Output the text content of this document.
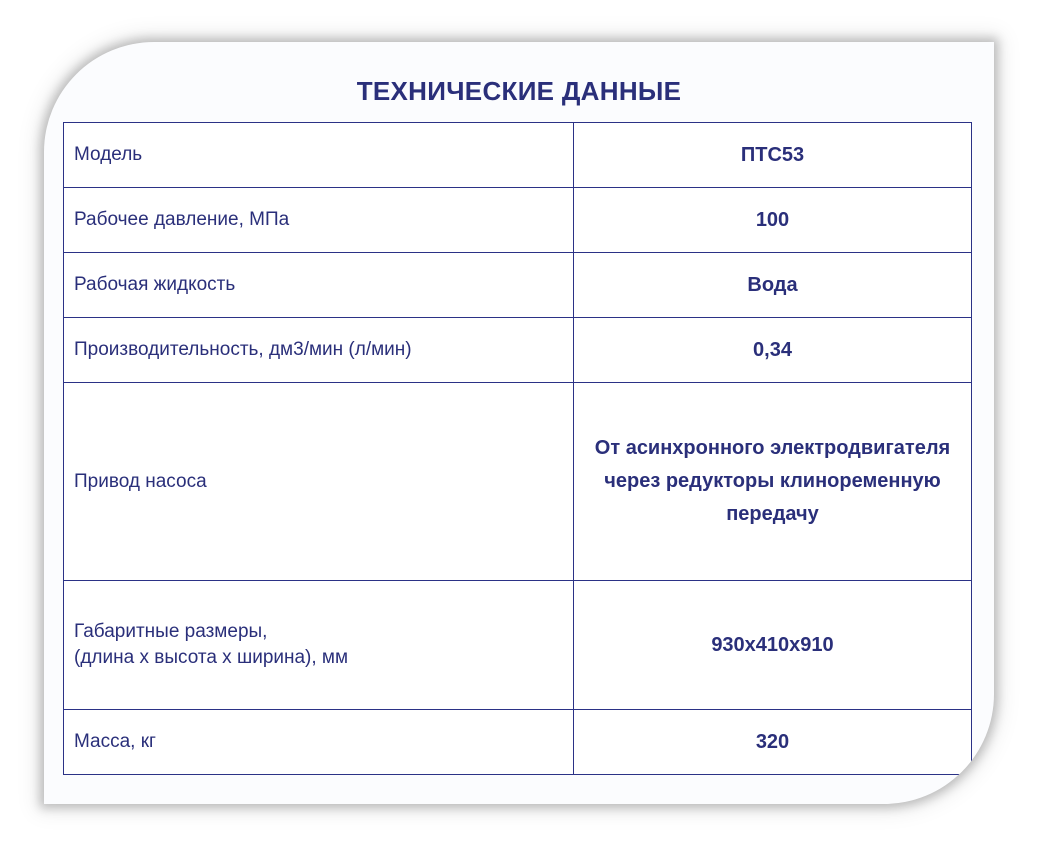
ТЕХНИЧЕСКИЕ ДАННЫЕ
Модель	ПТС53
Рабочее давление, МПа	100
Рабочая жидкость	Вода
Производительность, дм3/мин (л/мин)	0,34
Привод насоса	От асинхронного электродвигателя через редукторы клиноременную передачу

Габаритные размеры,
(длина х высота х ширина), мм	930х410х910
Масса, кг	320
